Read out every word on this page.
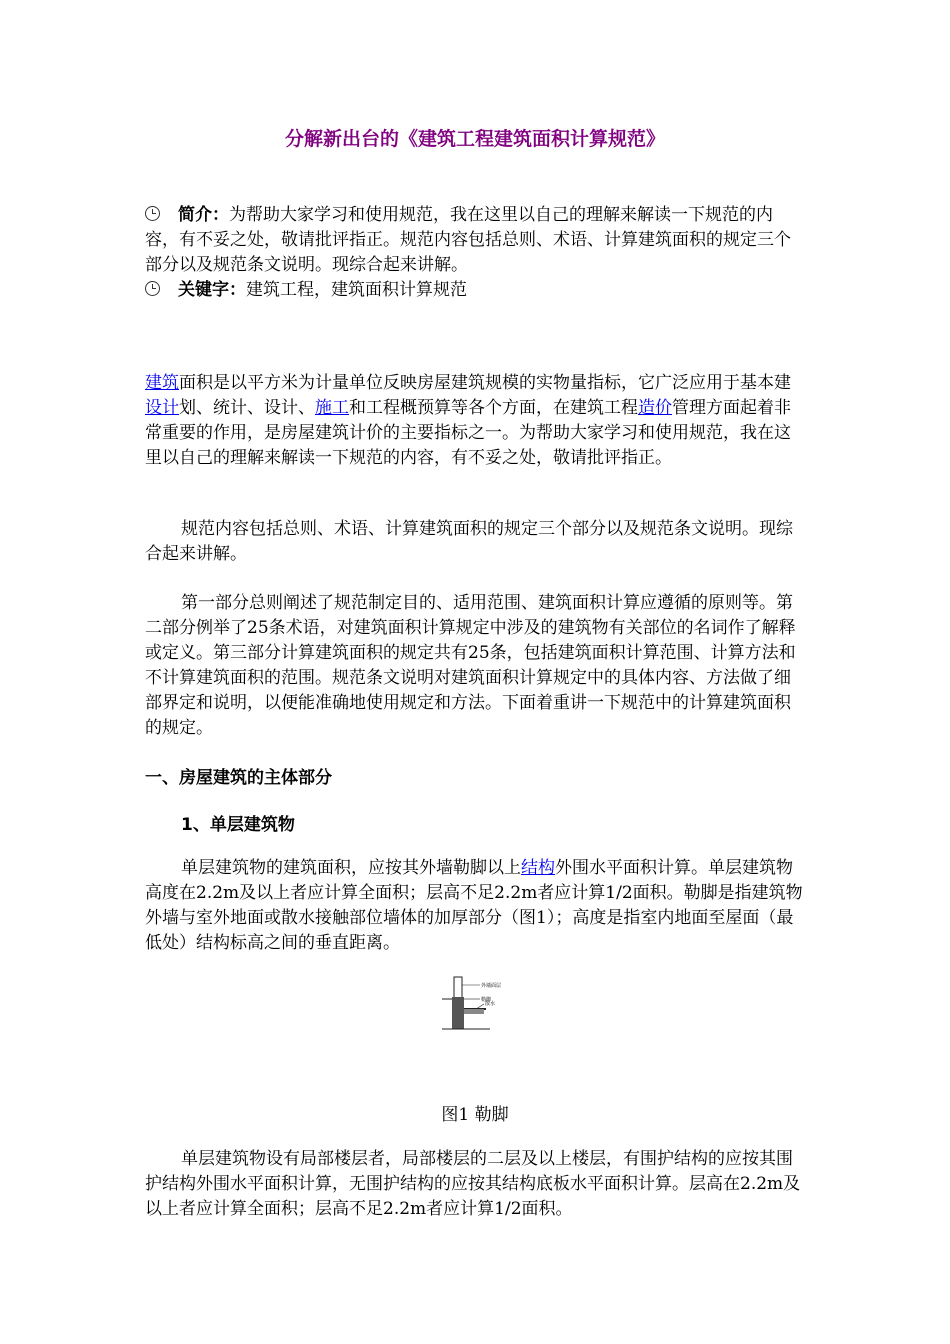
分解新出台的《建筑工程建筑面积计算规范》
简介：为帮助大家学习和使用规范，我在这里以自己的理解来解读一下规范的内容，有不妥之处，敬请批评指正。规范内容包括总则、术语、计算建筑面积的规定三个部分以及规范条文说明。现综合起来讲解。
关键字：建筑工程，建筑面积计算规范

建筑面积是以平方米为计量单位反映房屋建筑规模的实物量指标，它广泛应用于基本建设计划、统计、设计、施工和工程概预算等各个方面，在建筑工程造价管理方面起着非常重要的作用，是房屋建筑计价的主要指标之一。为帮助大家学习和使用规范，我在这里以自己的理解来解读一下规范的内容，有不妥之处，敬请批评指正。

规范内容包括总则、术语、计算建筑面积的规定三个部分以及规范条文说明。现综合起来讲解。

第一部分总则阐述了规范制定目的、适用范围、建筑面积计算应遵循的原则等。第二部分例举了25条术语，对建筑面积计算规定中涉及的建筑物有关部位的名词作了解释或定义。第三部分计算建筑面积的规定共有25条，包括建筑面积计算范围、计算方法和不计算建筑面积的范围。规范条文说明对建筑面积计算规定中的具体内容、方法做了细部界定和说明，以便能准确地使用规定和方法。下面着重讲一下规范中的计算建筑面积的规定。

一、房屋建筑的主体部分
1、单层建筑物

单层建筑物的建筑面积，应按其外墙勒脚以上结构外围水平面积计算。单层建筑物高度在2.2m及以上者应计算全面积；层高不足2.2m者应计算1/2面积。勒脚是指建筑物外墙与室外地面或散水接触部位墙体的加厚部分（图1）；高度是指室内地面至屋面（最低处）结构标高之间的垂直距离。

外墙面层
勒脚
散水
图1 勒脚

单层建筑物设有局部楼层者，局部楼层的二层及以上楼层，有围护结构的应按其围护结构外围水平面积计算，无围护结构的应按其结构底板水平面积计算。层高在2.2m及以上者应计算全面积；层高不足2.2m者应计算1/2面积。
